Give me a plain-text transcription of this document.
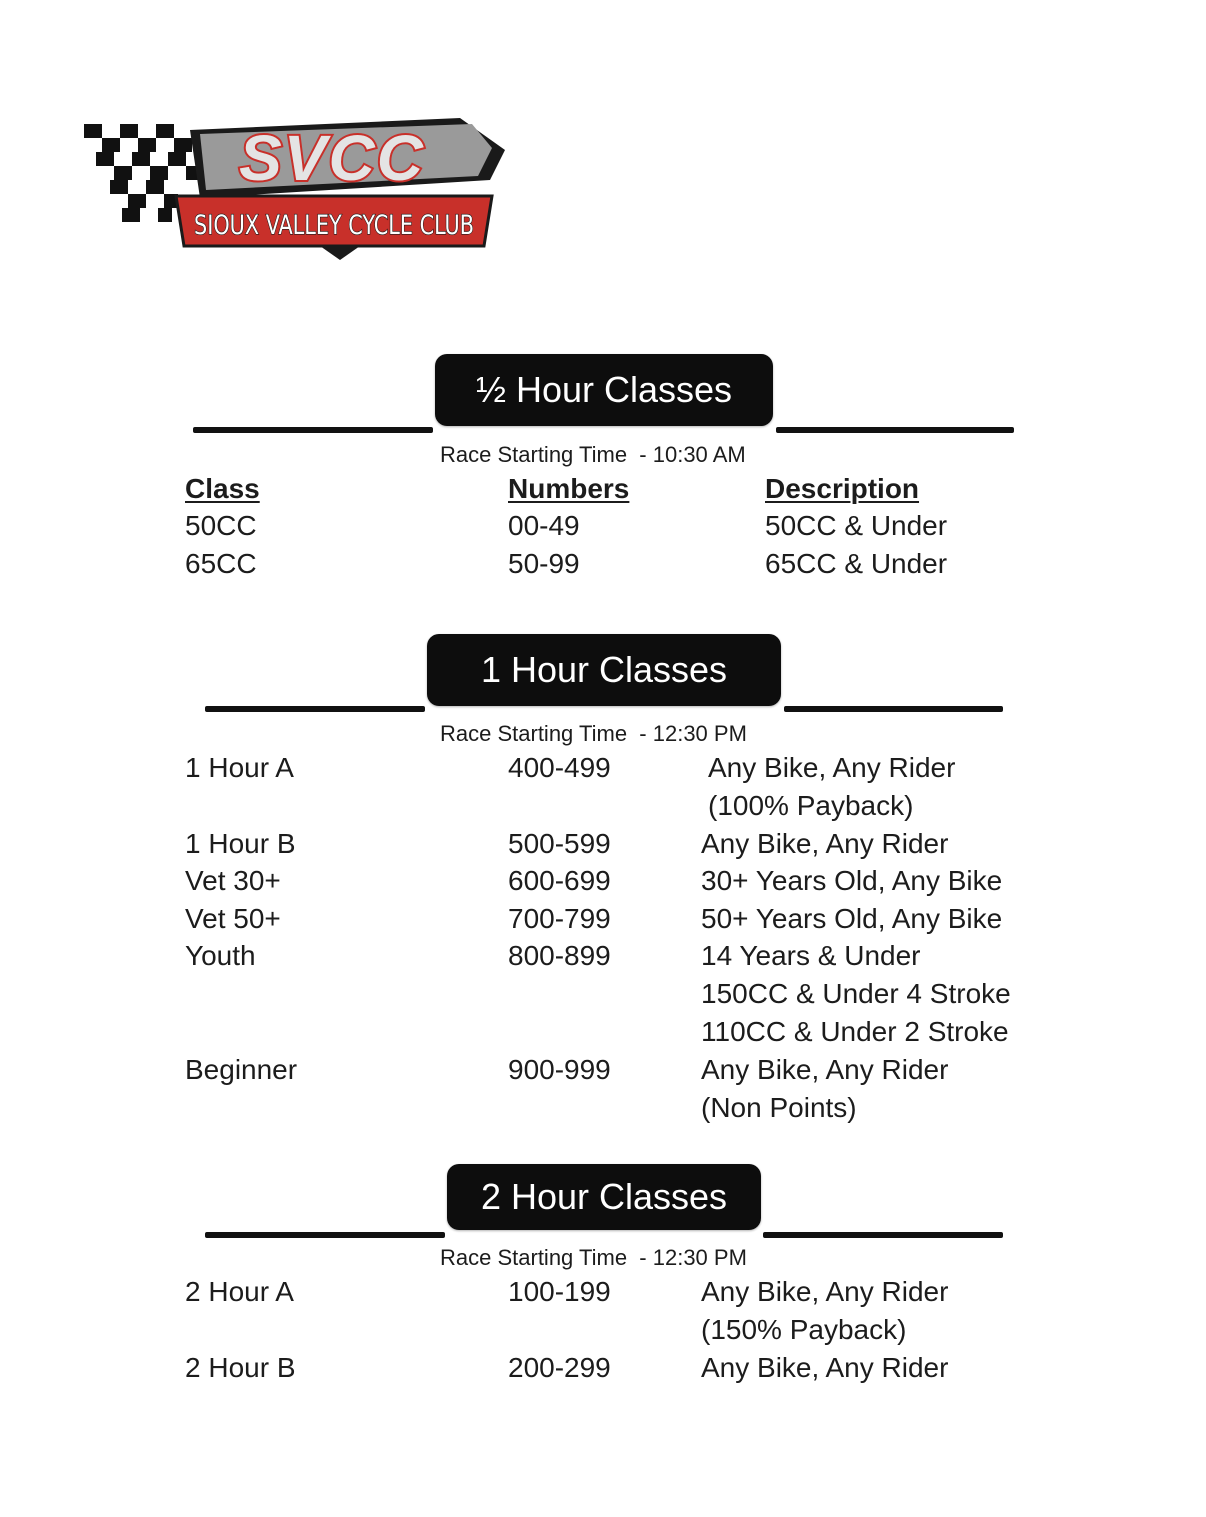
SVCC
SIOUX VALLEY CYCLE CLUB
½ Hour Classes
Race Starting Time  - 10:30 AM
Class	Numbers	Description
50CC	00-49	50CC & Under
65CC	50-99	65CC & Under
1 Hour Classes
Race Starting Time  - 12:30 PM
1 Hour A	400-499	Any Bike, Any Rider
(100% Payback)
1 Hour B	500-599	Any Bike, Any Rider
Vet 30+	600-699	30+ Years Old, Any Bike
Vet 50+	700-799	50+ Years Old, Any Bike
Youth	800-899	14 Years & Under
150CC & Under 4 Stroke
110CC & Under 2 Stroke
Beginner	900-999	Any Bike, Any Rider
(Non Points)
2 Hour Classes
Race Starting Time  - 12:30 PM
2 Hour A	100-199	Any Bike, Any Rider
(150% Payback)
2 Hour B	200-299	Any Bike, Any Rider
